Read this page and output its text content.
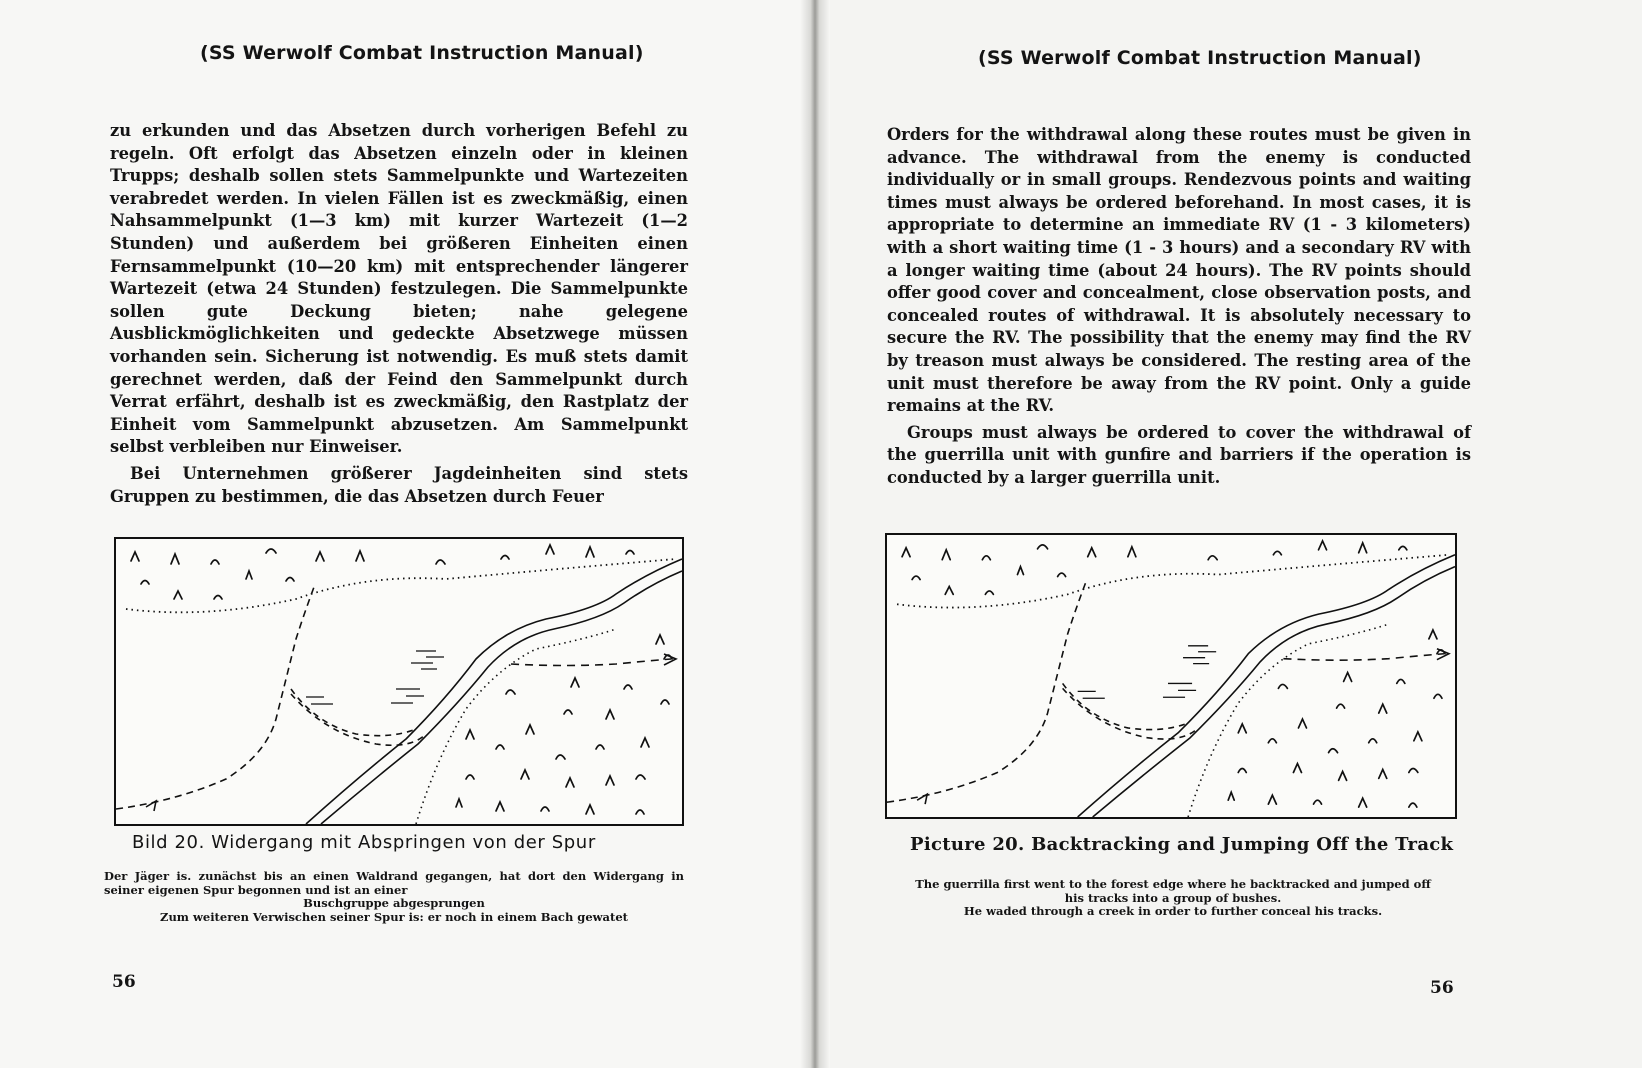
(SS Werwolf Combat Instruction Manual)

zu erkunden und das Absetzen durch vorherigen Befehl zu regeln. Oft erfolgt das Absetzen einzeln oder in kleinen Trupps; deshalb sollen stets Sammelpunkte und Wartezeiten verabredet werden. In vielen Fällen ist es zweckmäßig, einen Nahsammelpunkt (1—3 km) mit kurzer Wartezeit (1—2 Stunden) und außerdem bei größeren Einheiten einen Fernsammelpunkt (10—20 km) mit entsprechender längerer Wartezeit (etwa 24 Stunden) festzulegen. Die Sammelpunkte sollen gute Deckung bieten; nahe gelegene Ausblickmöglichkeiten und gedeckte Absetzwege müssen vorhanden sein. Sicherung ist notwendig. Es muß stets damit gerechnet werden, daß der Feind den Sammelpunkt durch Verrat erfährt, deshalb ist es zweckmäßig, den Rastplatz der Einheit vom Sammelpunkt abzusetzen. Am Sammelpunkt selbst verbleiben nur Einweiser.

Bei Unternehmen größerer Jagdeinheiten sind stets Gruppen zu bestimmen, die das Absetzen durch Feuer

Bild 20. Widergang mit Abspringen von der Spur

Der Jäger is. zunächst bis an einen Waldrand gegangen, hat dort den Widergang in seiner eigenen Spur begonnen und ist an einer

Buschgruppe abgesprungen

Zum weiteren Verwischen seiner Spur is: er noch in einem Bach gewatet

56
(SS Werwolf Combat Instruction Manual)

Orders for the withdrawal along these routes must be given in advance. The withdrawal from the enemy is conducted individually or in small groups. Rendezvous points and waiting times must always be ordered beforehand. In most cases, it is appropriate to determine an immediate RV (1 - 3 kilometers) with a short waiting time (1 - 3 hours) and a secondary RV with a longer waiting time (about 24 hours). The RV points should offer good cover and concealment, close observation posts, and concealed routes of withdrawal. It is absolutely necessary to secure the RV. The possibility that the enemy may find the RV by treason must always be considered. The resting area of the unit must therefore be away from the RV point. Only a guide remains at the RV.

Groups must always be ordered to cover the withdrawal of the guerrilla unit with gunfire and barriers if the operation is conducted by a larger guerrilla unit.

Picture 20. Backtracking and Jumping Off the Track

The guerrilla first went to the forest edge where he backtracked and jumped off

his tracks into a group of bushes.

He waded through a creek in order to further conceal his tracks.

56
